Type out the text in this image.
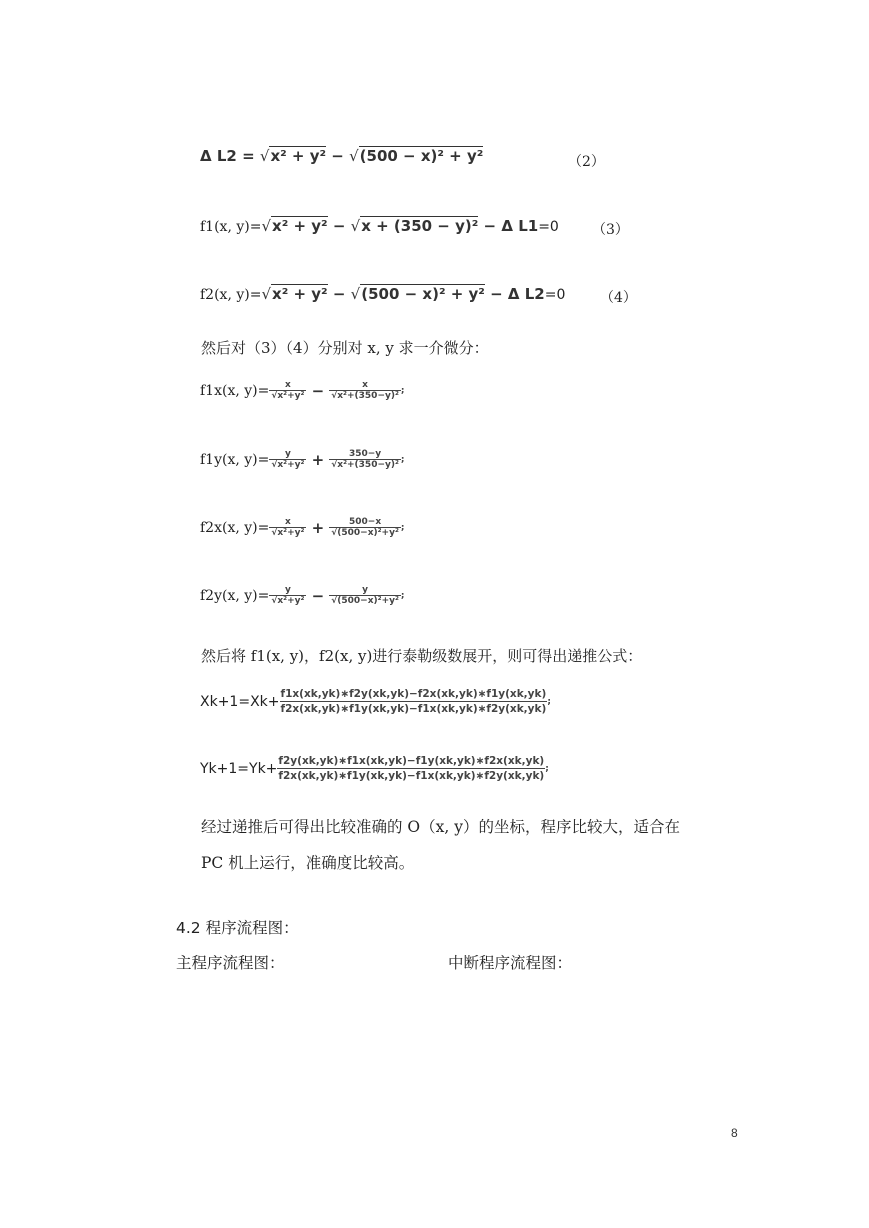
Δ L2 = √x² + y² − √(500 − x)² + y²	（2）
f1(x, y)=√x² + y² − √x + (350 − y)² − Δ L1=0 （3）
f2(x, y)=√x² + y² − √(500 − x)² + y² − Δ L2=0 （4）
然后对（3）（4）分别对 x, y 求一介微分：
f1x(x, $y)= \frac{x}{\text{√x²+y²}} - \frac{x}{\text{√x²+(350−y)²}}$ ;
f1y(x, $y)= \frac{y}{\text{√x²+y²}} + \frac{350-y}{\text{√x²+(350−y)²}}$ ;
f2x(x, $y)= \frac{x}{\text{√x²+y²}} + \frac{500-x}{\text{√(500−x)²+y²}}$ ;
f2y(x, $y)= \frac{y}{\text{√x²+y²}} - \frac{y}{\text{√(500−x)²+y²}}$ ;
然后将 f1(x, y)，f2(x, y)进行泰勒级数展开，则可得出递推公式：
$Xk+1=Xk+ \frac{f1x(xk,yk)∗f2y(xk,yk)-f2x(xk,yk)∗f1y(xk,yk)}{f2x(xk,yk)∗f1y(xk,yk)-f1x(xk,yk)∗f2y(xk,yk)}$ ;
$Yk+1=Yk+ \frac{f2y(xk,yk)∗f1x(xk,yk)-f1y(xk,yk)∗f2x(xk,yk)}{f2x(xk,yk)∗f1y(xk,yk)-f1x(xk,yk)∗f2y(xk,yk)}$ ;
经过递推后可得出比较准确的 O（x, y）的坐标，程序比较大，适合在
PC 机上运行，准确度比较高。
4.2 程序流程图：
主程序流程图：	中断程序流程图：
8
